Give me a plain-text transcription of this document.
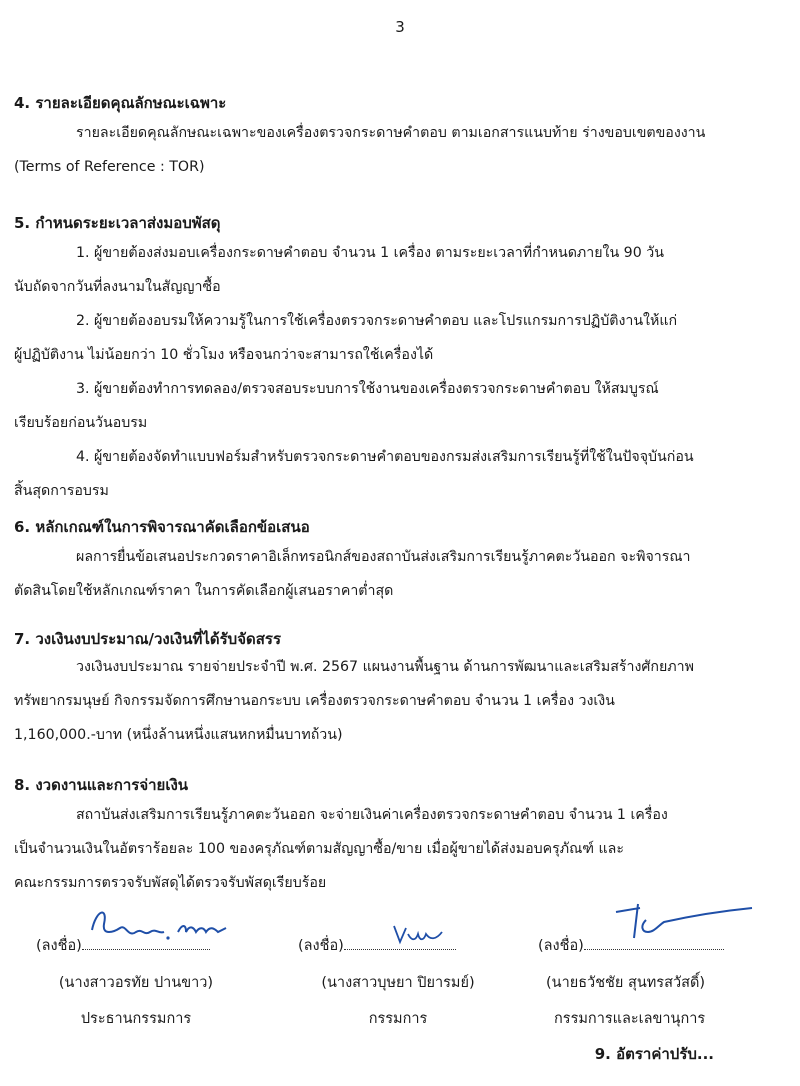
3
4. รายละเอียดคุณลักษณะเฉพาะ

รายละเอียดคุณลักษณะเฉพาะของเครื่องตรวจกระดาษคำตอบ ตามเอกสารแนบท้าย ร่างขอบเขตของงาน

(Terms of Reference : TOR)

5. กำหนดระยะเวลาส่งมอบพัสดุ

1. ผู้ขายต้องส่งมอบเครื่องกระดาษคำตอบ จำนวน 1 เครื่อง ตามระยะเวลาที่กำหนดภายใน 90 วัน

นับถัดจากวันที่ลงนามในสัญญาซื้อ

2. ผู้ขายต้องอบรมให้ความรู้ในการใช้เครื่องตรวจกระดาษคำตอบ และโปรแกรมการปฏิบัติงานให้แก่

ผู้ปฏิบัติงาน ไม่น้อยกว่า 10 ชั่วโมง หรือจนกว่าจะสามารถใช้เครื่องได้

3. ผู้ขายต้องทำการทดลอง/ตรวจสอบระบบการใช้งานของเครื่องตรวจกระดาษคำตอบ ให้สมบูรณ์

เรียบร้อยก่อนวันอบรม

4. ผู้ขายต้องจัดทำแบบฟอร์มสำหรับตรวจกระดาษคำตอบของกรมส่งเสริมการเรียนรู้ที่ใช้ในปัจจุบันก่อน

สิ้นสุดการอบรม

6. หลักเกณฑ์ในการพิจารณาคัดเลือกข้อเสนอ

ผลการยื่นข้อเสนอประกวดราคาอิเล็กทรอนิกส์ของสถาบันส่งเสริมการเรียนรู้ภาคตะวันออก จะพิจารณา

ตัดสินโดยใช้หลักเกณฑ์ราคา ในการคัดเลือกผู้เสนอราคาต่ำสุด

7. วงเงินงบประมาณ/วงเงินที่ได้รับจัดสรร

วงเงินงบประมาณ รายจ่ายประจำปี พ.ศ. 2567 แผนงานพื้นฐาน ด้านการพัฒนาและเสริมสร้างศักยภาพ

ทรัพยากรมนุษย์ กิจกรรมจัดการศึกษานอกระบบ เครื่องตรวจกระดาษคำตอบ จำนวน 1 เครื่อง วงเงิน

1,160,000.-บาท (หนึ่งล้านหนึ่งแสนหกหมื่นบาทถ้วน)

8. งวดงานและการจ่ายเงิน

สถาบันส่งเสริมการเรียนรู้ภาคตะวันออก จะจ่ายเงินค่าเครื่องตรวจกระดาษคำตอบ จำนวน 1 เครื่อง

เป็นจำนวนเงินในอัตราร้อยละ 100 ของครุภัณฑ์ตามสัญญาซื้อ/ขาย เมื่อผู้ขายได้ส่งมอบครุภัณฑ์ และ

คณะกรรมการตรวจรับพัสดุได้ตรวจรับพัสดุเรียบร้อย

(ลงชื่อ)
(นางสาวอรทัย ปานขาว)
ประธานกรรมการ
(ลงชื่อ)
(นางสาวบุษยา ปิยารมย์)
กรรมการ
(ลงชื่อ)
(นายธวัชชัย สุนทรสวัสดิ์)
กรรมการและเลขานุการ
9. อัตราค่าปรับ...
